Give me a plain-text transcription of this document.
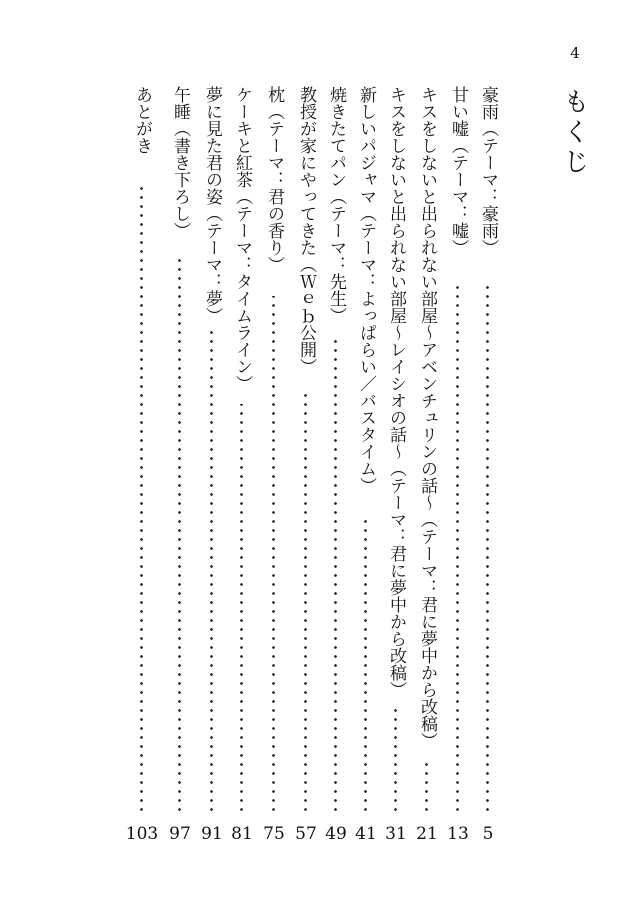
4
もくじ
豪雨（テーマ：豪雨）
5
甘い嘘（テーマ：嘘）
13
キスをしないと出られない部屋〜アベンチュリンの話〜（テーマ：君に夢中から改稿）
21
キスをしないと出られない部屋〜レイシオの話〜（テーマ：君に夢中から改稿）
31
新しいパジャマ（テーマ：よっぱらい／バスタイム）
41
焼きたてパン（テーマ：先生）
49
教授が家にやってきた（Ｗｅｂ公開）
57
枕（テーマ：君の香り）
75
ケーキと紅茶（テーマ：タイムライン）
81
夢に見た君の姿（テーマ：夢）
91
午睡（書き下ろし）
97
あとがき
103
